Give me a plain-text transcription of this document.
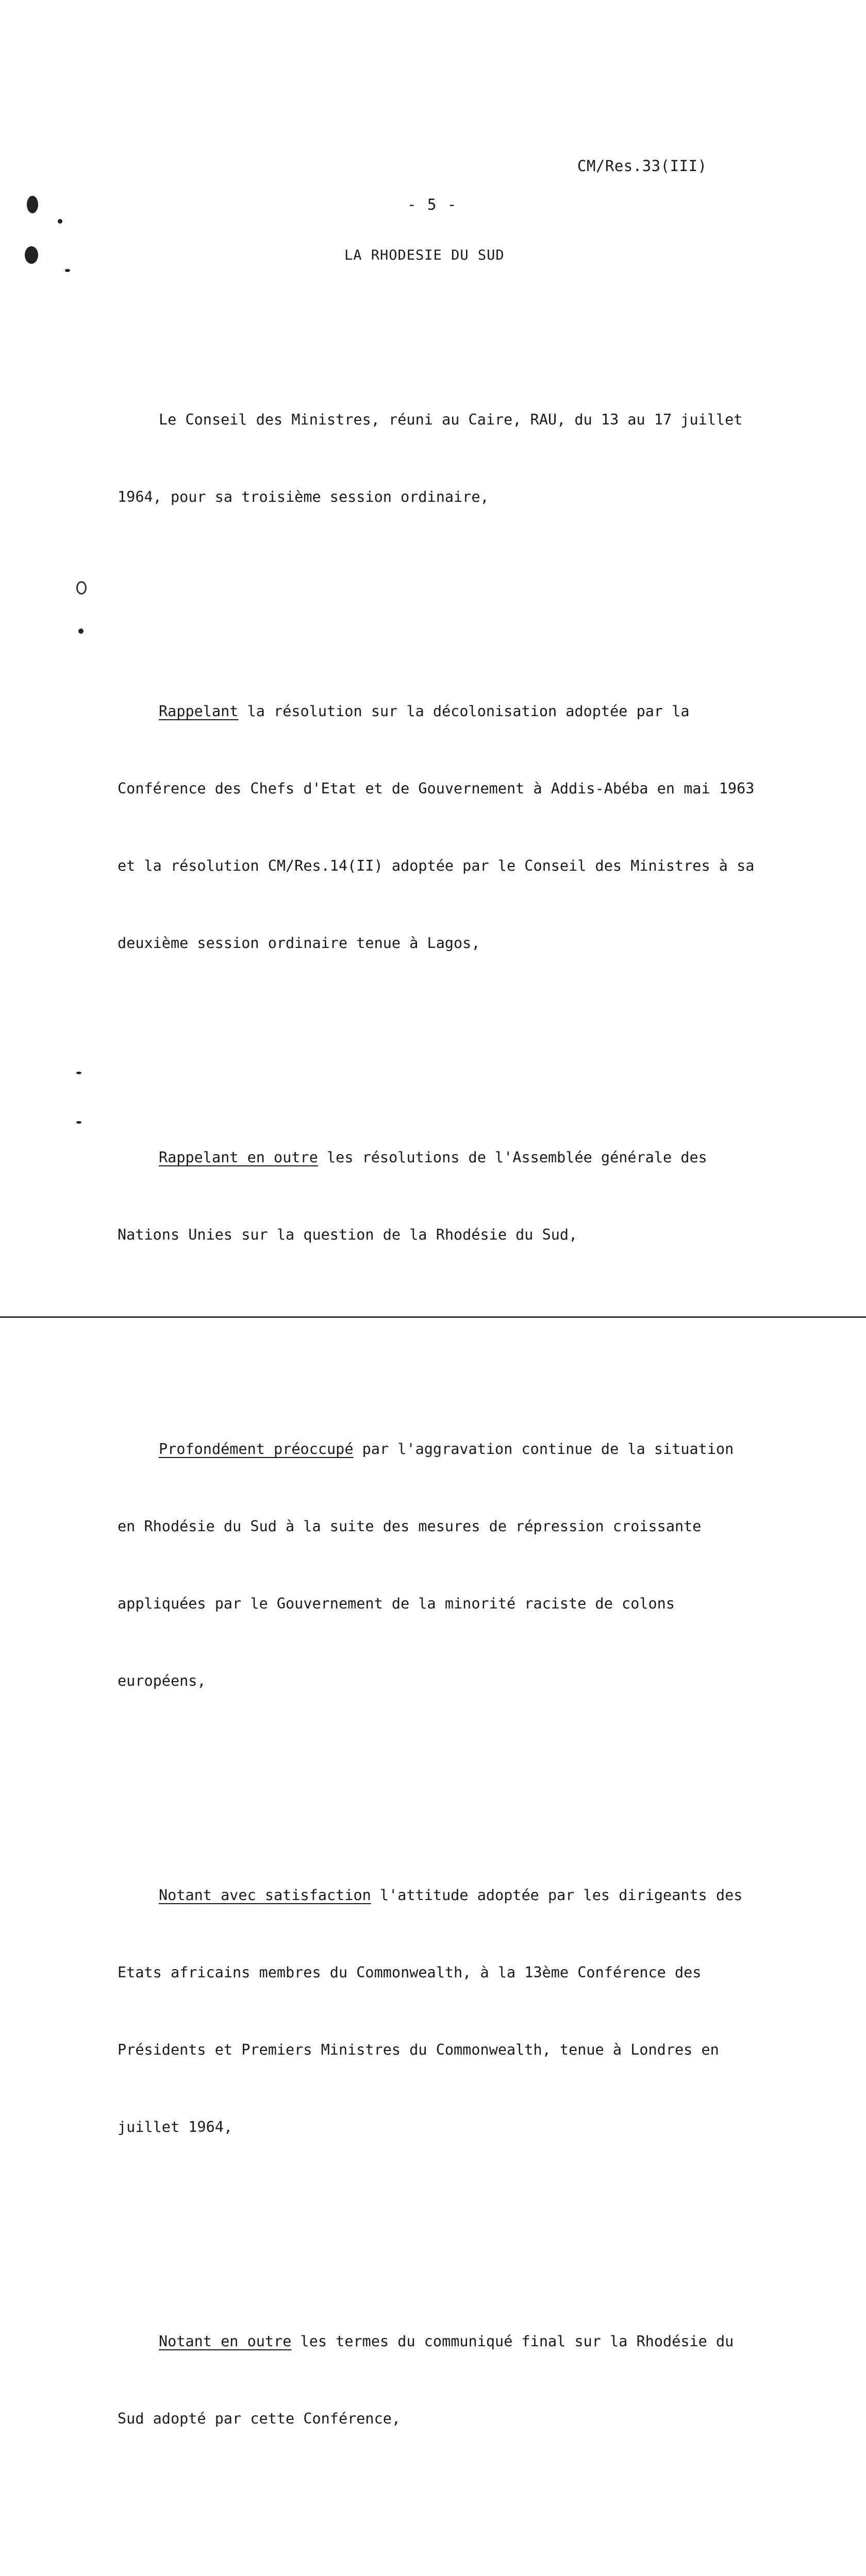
CM/Res.33(III)
- 5 -
LA RHODESIE DU SUD

Le Conseil des Ministres, réuni au Caire, RAU, du 13 au 17 juillet

1964, pour sa troisième session ordinaire,

Rappelant la résolution sur la décolonisation adoptée par la

Conférence des Chefs d'Etat et de Gouvernement à Addis-Abéba en mai 1963

et la résolution CM/Res.14(II) adoptée par le Conseil des Ministres à sa

deuxième session ordinaire tenue à Lagos,

Rappelant en outre les résolutions de l'Assemblée générale des

Nations Unies sur la question de la Rhodésie du Sud,

Profondément préoccupé par l'aggravation continue de la situation

en Rhodésie du Sud à la suite des mesures de répression croissante

appliquées par le Gouvernement de la minorité raciste de colons

européens,

Notant avec satisfaction l'attitude adoptée par les dirigeants des

Etats africains membres du Commonwealth, à la 13ème Conférence des

Présidents et Premiers Ministres du Commonwealth, tenue à Londres en

juillet 1964,

Notant en outre les termes du communiqué final sur la Rhodésie du

Sud adopté par cette Conférence,
